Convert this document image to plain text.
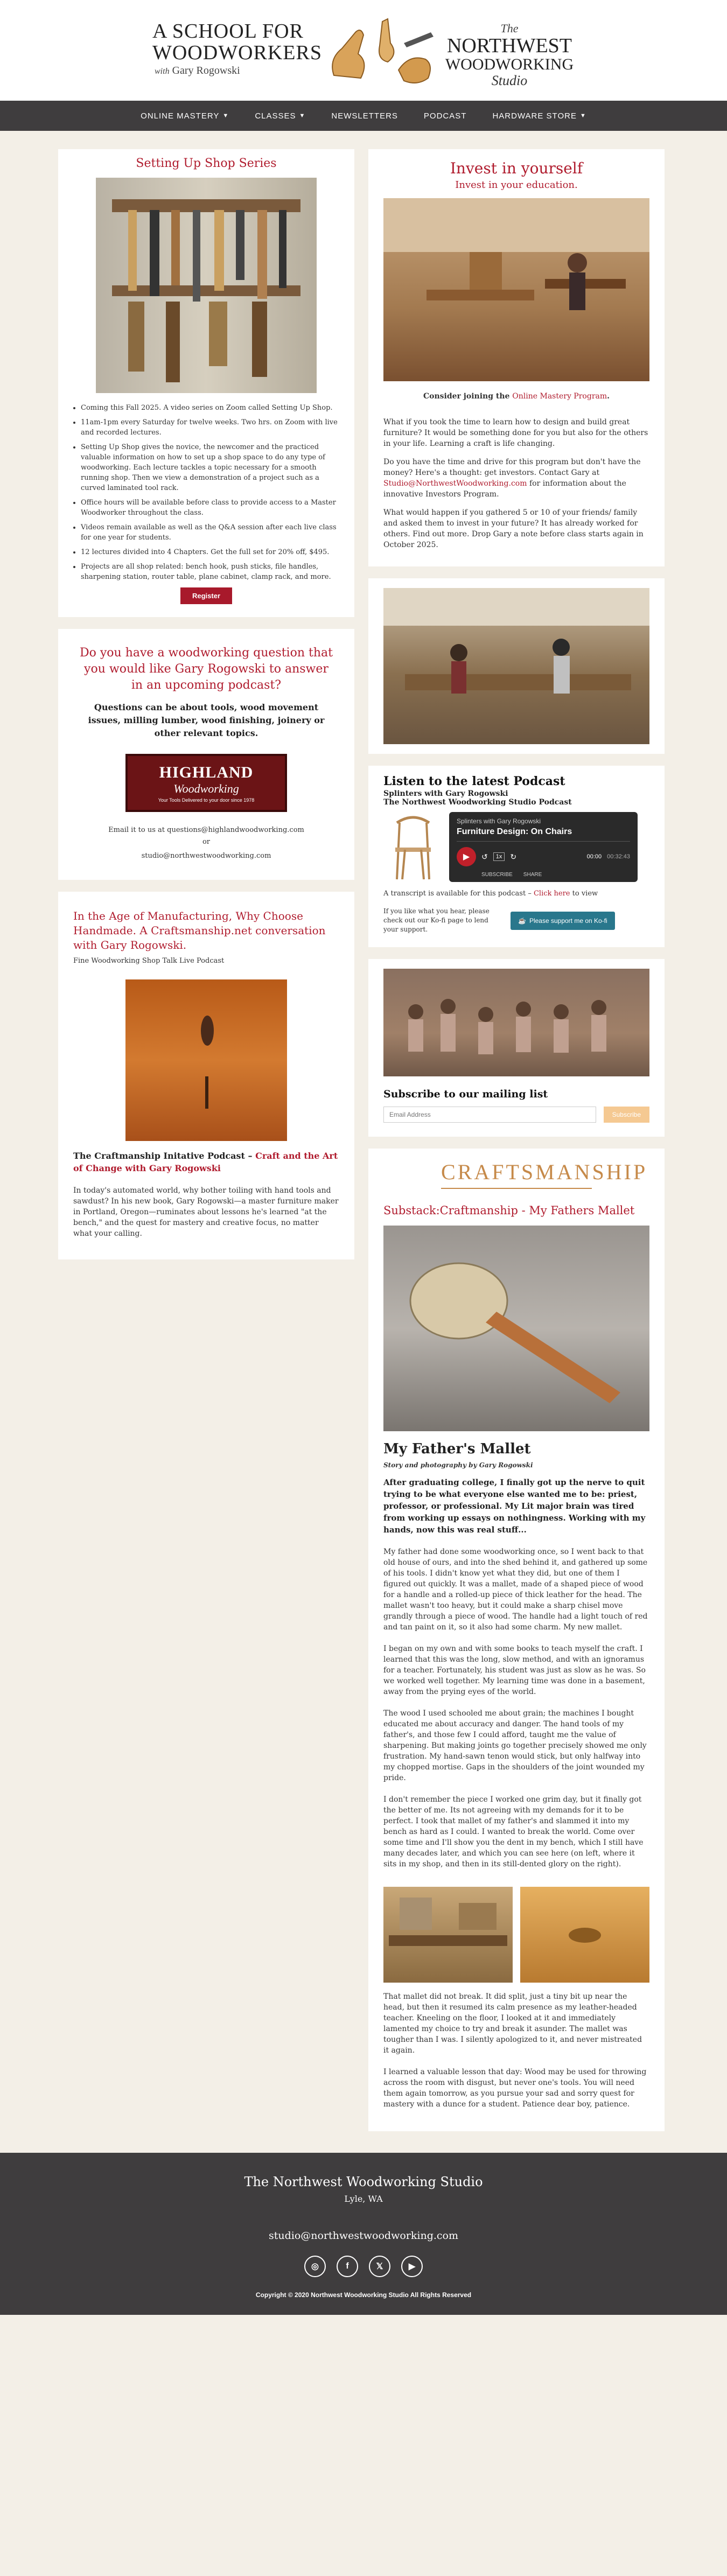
A SCHOOL FOR
WOODWORKERS
with Gary Rogowski
The
NORTHWEST
WOODWORKING
Studio
ONLINE MASTERY ▼	CLASSES ▼	NEWSLETTERS	PODCAST	HARDWARE STORE ▼
Setting Up Shop Series
• Coming this Fall 2025. A video series on Zoom called Setting Up Shop.
• 11am-1pm every Saturday for twelve weeks. Two hrs. on Zoom with live and recorded lectures.
• Setting Up Shop gives the novice, the newcomer and the practiced valuable information on how to set up a shop space to do any type of woodworking. Each lecture tackles a topic necessary for a smooth running shop. Then we view a demonstration of a project such as a curved laminated tool rack.
• Office hours will be available before class to provide access to a Master Woodworker throughout the class.
• Videos remain available as well as the Q&A session after each live class for one year for students.
• 12 lectures divided into 4 Chapters. Get the full set for 20% off, $495.
• Projects are all shop related: bench hook, push sticks, file handles, sharpening station, router table, plane cabinet, clamp rack, and more.
Register
Do you have a woodworking question that you would like Gary Rogowski to answer in an upcoming podcast?

Questions can be about tools, wood movement issues, milling lumber, wood finishing, joinery or other relevant topics.

HIGHLAND
Woodworking
Your Tools Delivered to your door since 1978

Email it to us at questions@highlandwoodworking.com

or

studio@northwestwoodworking.com

In the Age of Manufacturing, Why Choose Handmade. A Craftsmanship.net conversation with Gary Rogowski.

Fine Woodworking Shop Talk Live Podcast

The Craftmanship Initative Podcast – Craft and the Art of Change with Gary Rogowski

In today's automated world, why bother toiling with hand tools and sawdust? In his new book, Gary Rogowski—a master furniture maker in Portland, Oregon—ruminates about lessons he's learned "at the bench," and the quest for mastery and creative focus, no matter what your calling.

Invest in yourself
Invest in your education.

Consider joining the Online Mastery Program.

What if you took the time to learn how to design and build great furniture? It would be something done for you but also for the others in your life. Learning a craft is life changing.

Do you have the time and drive for this program but don't have the money? Here's a thought: get investors. Contact Gary at Studio@NorthwestWoodworking.com for information about the innovative Investors Program.

What would happen if you gathered 5 or 10 of your friends/ family and asked them to invest in your future? It has already worked for others. Find out more. Drop Gary a note before class starts again in October 2025.

Listen to the latest Podcast
Splinters with Gary Rogowski
The Northwest Woodworking Studio Podcast
Splinters with Gary Rogowski
Furniture Design: On Chairs
▶	↺	1x	↻	00:00 00:32:43
SUBSCRIBE SHARE

A transcript is available for this podcast – Click here to view

If you like what you hear, please check out our Ko-fi page to lend your support.
☕ Please support me on Ko-fi
Subscribe to our mailing list
Email Address
Subscribe
CRAFTSMANSHIP
Substack:Craftmanship - My Fathers Mallet
My Father's Mallet
Story and photography by Gary Rogowski

After graduating college, I finally got up the nerve to quit trying to be what everyone else wanted me to be: priest, professor, or professional. My Lit major brain was tired from working up essays on nothingness. Working with my hands, now this was real stuff...

My father had done some woodworking once, so I went back to that old house of ours, and into the shed behind it, and gathered up some of his tools. I didn't know yet what they did, but one of them I figured out quickly. It was a mallet, made of a shaped piece of wood for a handle and a rolled-up piece of thick leather for the head. The mallet wasn't too heavy, but it could make a sharp chisel move grandly through a piece of wood. The handle had a light touch of red and tan paint on it, so it also had some charm. My new mallet.

I began on my own and with some books to teach myself the craft. I learned that this was the long, slow method, and with an ignoramus for a teacher. Fortunately, his student was just as slow as he was. So we worked well together. My learning time was done in a basement, away from the prying eyes of the world.

The wood I used schooled me about grain; the machines I bought educated me about accuracy and danger. The hand tools of my father's, and those few I could afford, taught me the value of sharpening. But making joints go together precisely showed me only frustration. My hand-sawn tenon would stick, but only halfway into my chopped mortise. Gaps in the shoulders of the joint wounded my pride.

I don't remember the piece I worked one grim day, but it finally got the better of me. Its not agreeing with my demands for it to be perfect. I took that mallet of my father's and slammed it into my bench as hard as I could. I wanted to break the world. Come over some time and I'll show you the dent in my bench, which I still have many decades later, and which you can see here (on left, where it sits in my shop, and then in its still-dented glory on the right).

That mallet did not break. It did split, just a tiny bit up near the head, but then it resumed its calm presence as my leather-headed teacher. Kneeling on the floor, I looked at it and immediately lamented my choice to try and break it asunder. The mallet was tougher than I was. I silently apologized to it, and never mistreated it again.

I learned a valuable lesson that day: Wood may be used for throwing across the room with disgust, but never one's tools. You will need them again tomorrow, as you pursue your sad and sorry quest for mastery with a dunce for a student. Patience dear boy, patience.

The Northwest Woodworking Studio
Lyle, WA
studio@northwestwoodworking.com
◎	f	𝕏	▶
Copyright © 2020 Northwest Woodworking Studio All Rights Reserved
